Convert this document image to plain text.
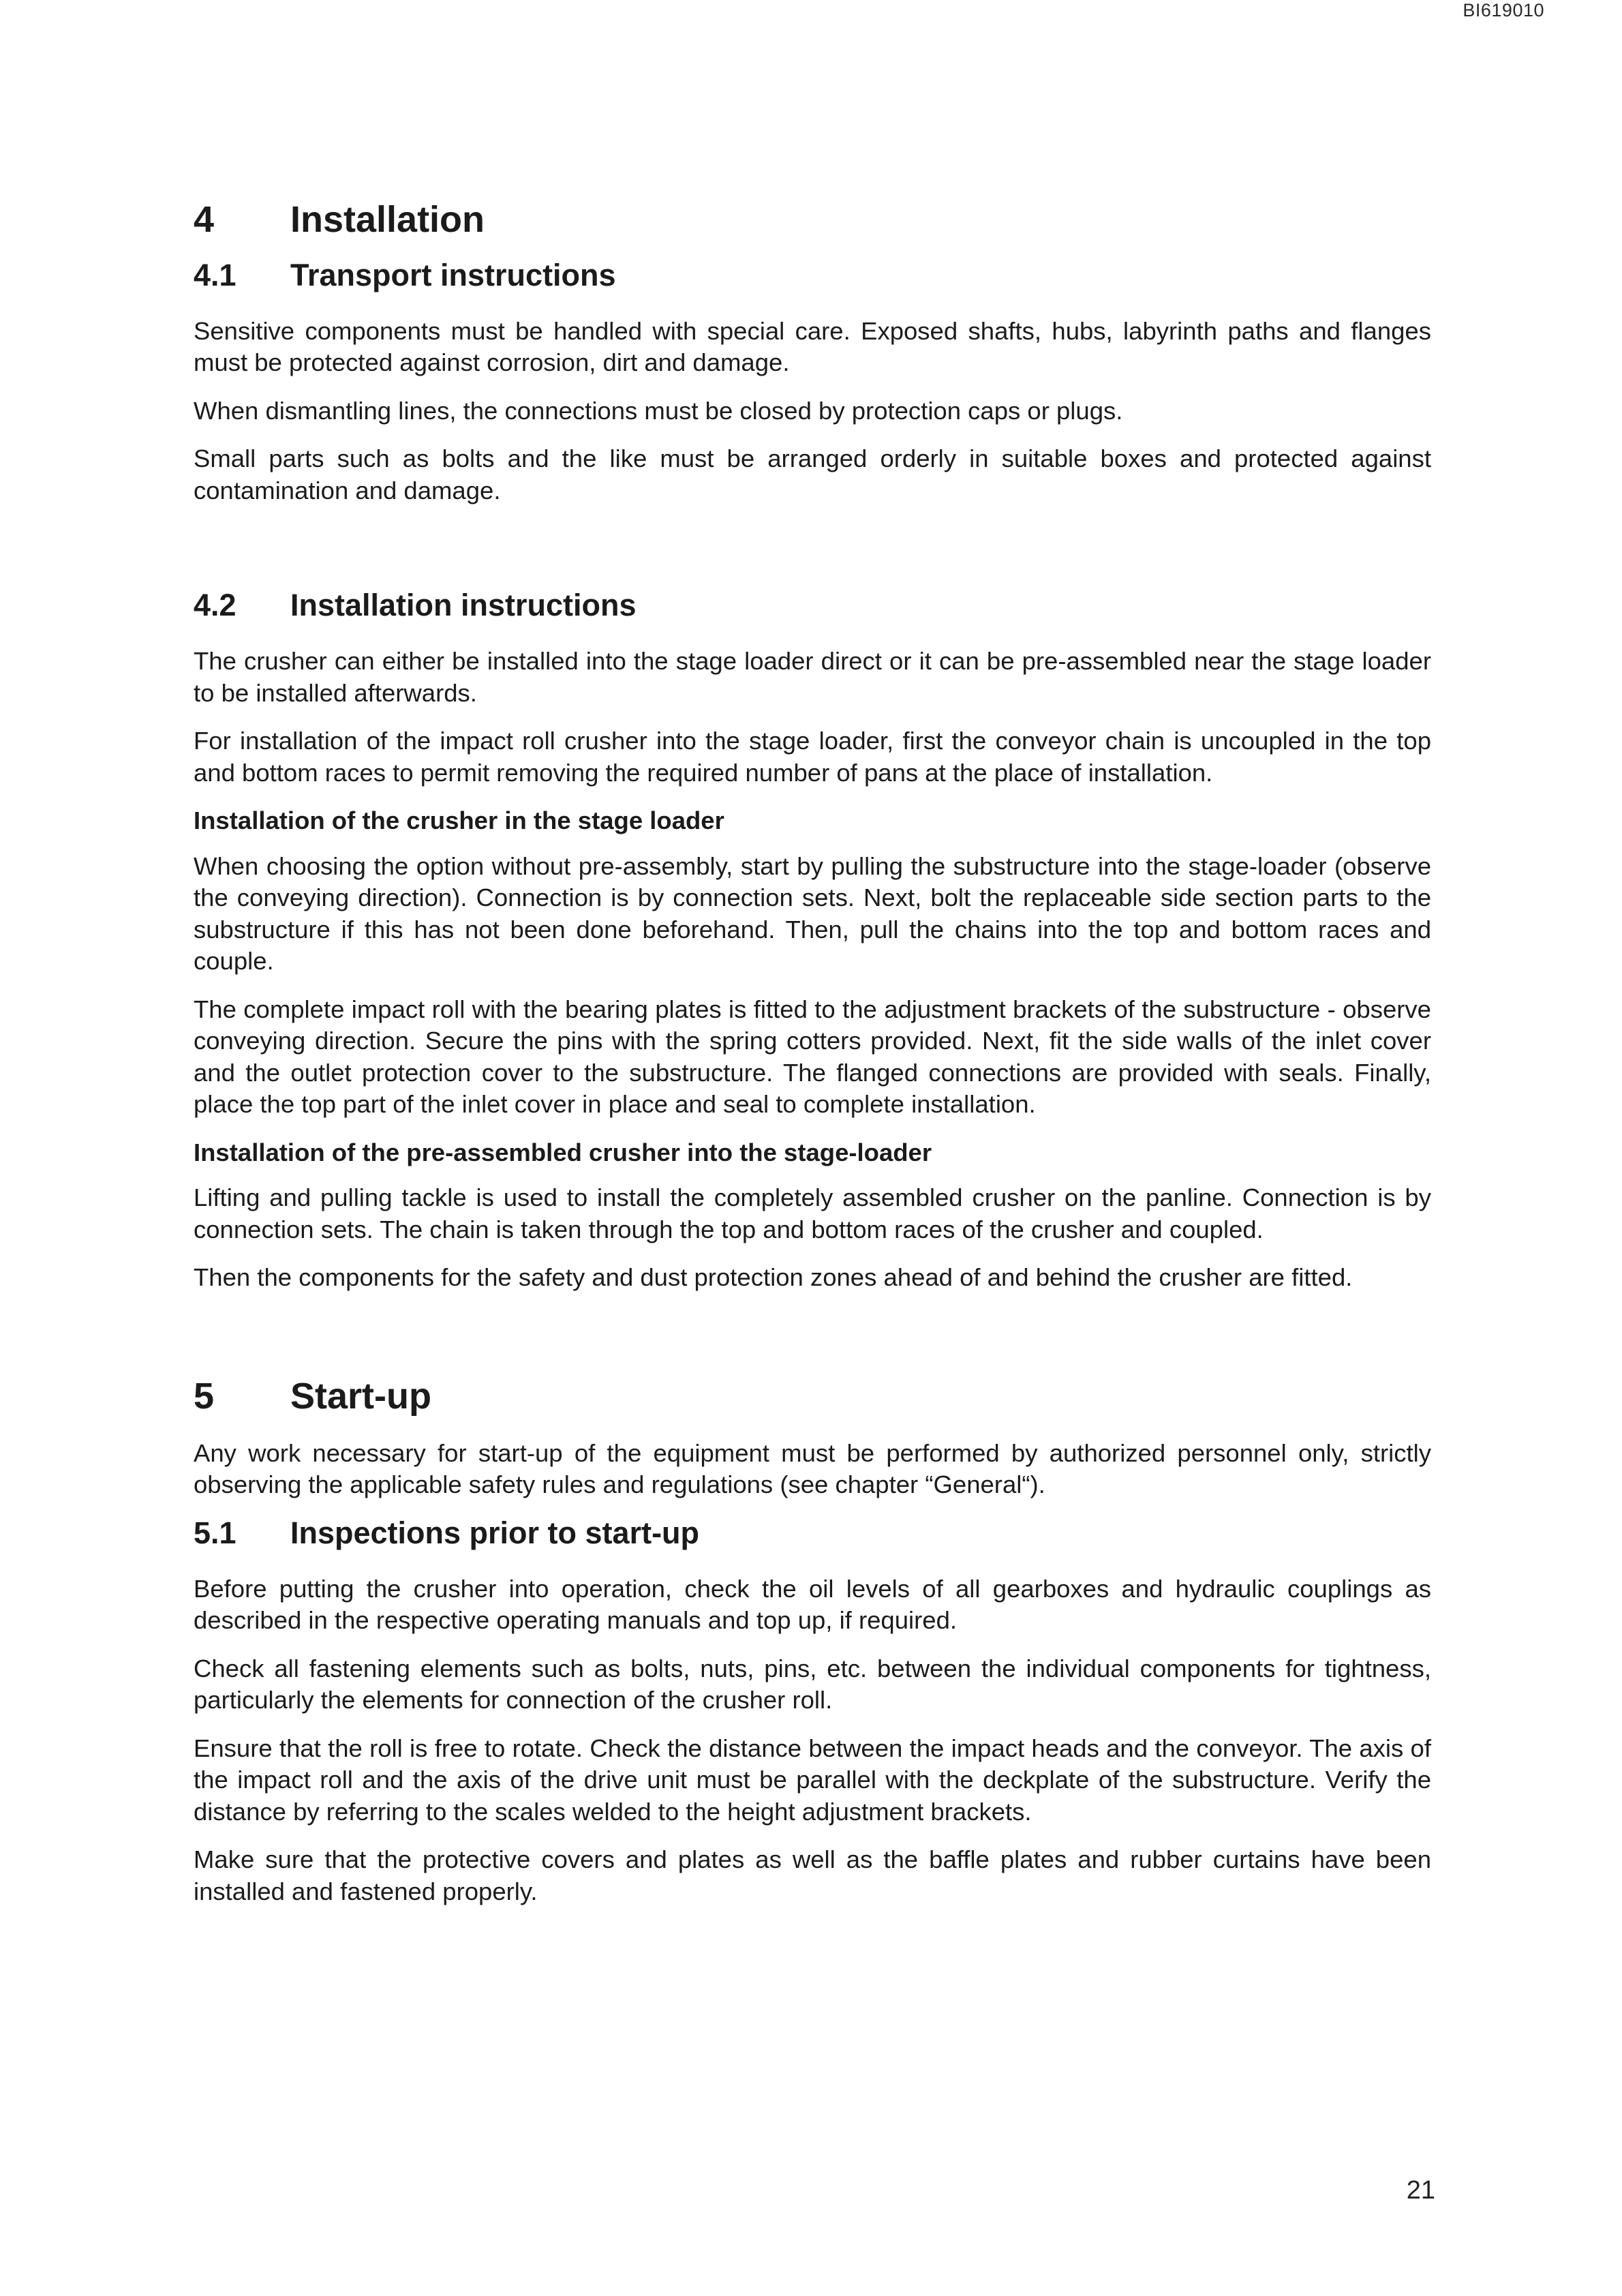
BI619010
4	Installation
4.1	Transport instructions

Sensitive components must be handled with special care. Exposed shafts, hubs, labyrinth paths and flanges must be protected against corrosion, dirt and damage.

When dismantling lines, the connections must be closed by protection caps or plugs.

Small parts such as bolts and the like must be arranged orderly in suitable boxes and protected against contamination and damage.

4.2	Installation instructions

The crusher can either be installed into the stage loader direct or it can be pre-assembled near the stage loader to be installed afterwards.

For installation of the impact roll crusher into the stage loader, first the conveyor chain is uncoupled in the top and bottom races to permit removing the required number of pans at the place of installation.

Installation of the crusher in the stage loader

When choosing the option without pre-assembly, start by pulling the substructure into the stage-loader (observe the conveying direction). Connection is by connection sets. Next, bolt the replaceable side section parts to the substructure if this has not been done beforehand. Then, pull the chains into the top and bottom races and couple.

The complete impact roll with the bearing plates is fitted to the adjustment brackets of the substructure - observe conveying direction. Secure the pins with the spring cotters provided. Next, fit the side walls of the inlet cover and the outlet protection cover to the substructure. The flanged connections are provided with seals. Finally, place the top part of the inlet cover in place and seal to complete installation.

Installation of the pre-assembled crusher into the stage-loader

Lifting and pulling tackle is used to install the completely assembled crusher on the panline. Connection is by connection sets. The chain is taken through the top and bottom races of the crusher and coupled.

Then the components for the safety and dust protection zones ahead of and behind the crusher are fitted.

5	Start-up

Any work necessary for start-up of the equipment must be performed by authorized personnel only, strictly observing the applicable safety rules and regulations (see chapter “General“).

5.1	Inspections prior to start-up

Before putting the crusher into operation, check the oil levels of all gearboxes and hydraulic couplings as described in the respective operating manuals and top up, if required.

Check all fastening elements such as bolts, nuts, pins, etc. between the individual components for tightness, particularly the elements for connection of the crusher roll.

Ensure that the roll is free to rotate. Check the distance between the impact heads and the conveyor. The axis of the impact roll and the axis of the drive unit must be parallel with the deckplate of the substructure. Verify the distance by referring to the scales welded to the height adjustment brackets.

Make sure that the protective covers and plates as well as the baffle plates and rubber curtains have been installed and fastened properly.

21
